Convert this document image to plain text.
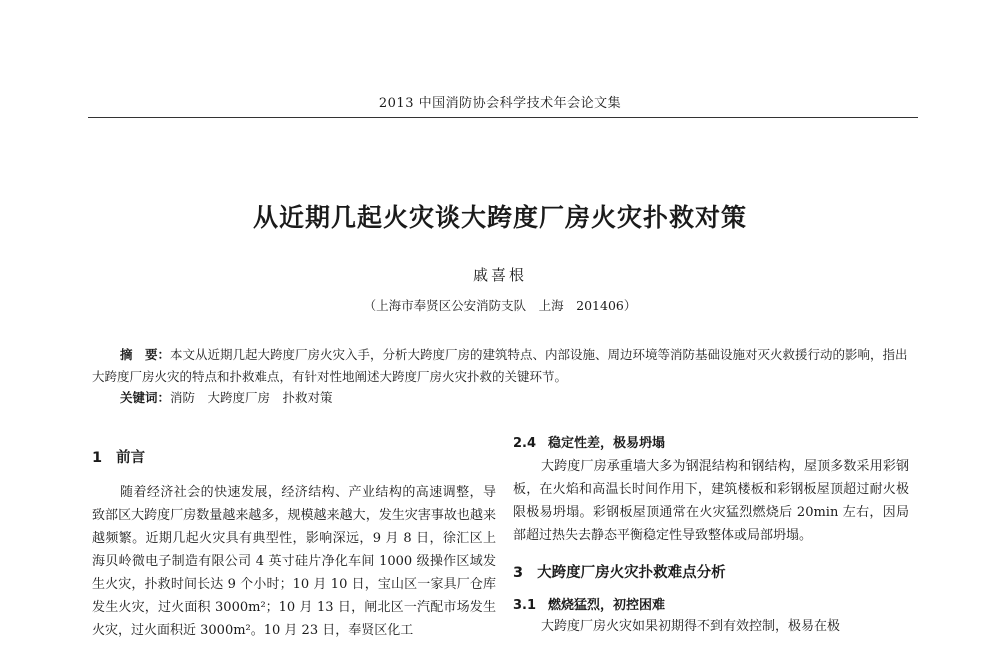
2013 中国消防协会科学技术年会论文集
从近期几起火灾谈大跨度厂房火灾扑救对策
戚喜根
（上海市奉贤区公安消防支队　上海　201406）
摘　要：本文从近期几起大跨度厂房火灾入手，分析大跨度厂房的建筑特点、内部设施、周边环境等消防基础设施对灭火救援行动的影响，指出大跨度厂房火灾的特点和扑救难点，有针对性地阐述大跨度厂房火灾扑救的关键环节。
关键词：消防　大跨度厂房　扑救对策
1 前言

随着经济社会的快速发展，经济结构、产业结构的高速调整，导致部区大跨度厂房数量越来越多，规模越来越大，发生灾害事故也越来越频繁。近期几起火灾具有典型性，影响深远，9 月 8 日，徐汇区上海贝岭微电子制造有限公司 4 英寸硅片净化车间 1000 级操作区域发生火灾，扑救时间长达 9 个小时；10 月 10 日，宝山区一家具厂仓库发生火灾，过火面积 3000m²；10 月 13 日，闸北区一汽配市场发生火灾，过火面积近 3000m²。10 月 23 日，奉贤区化工

2.4 稳定性差，极易坍塌

大跨度厂房承重墙大多为钢混结构和钢结构，屋顶多数采用彩钢板，在火焰和高温长时间作用下，建筑楼板和彩钢板屋顶超过耐火极限极易坍塌。彩钢板屋顶通常在火灾猛烈燃烧后 20min 左右，因局部超过热失去静态平衡稳定性导致整体或局部坍塌。

3 大跨度厂房火灾扑救难点分析
3.1 燃烧猛烈，初控困难

大跨度厂房火灾如果初期得不到有效控制，极易在极
